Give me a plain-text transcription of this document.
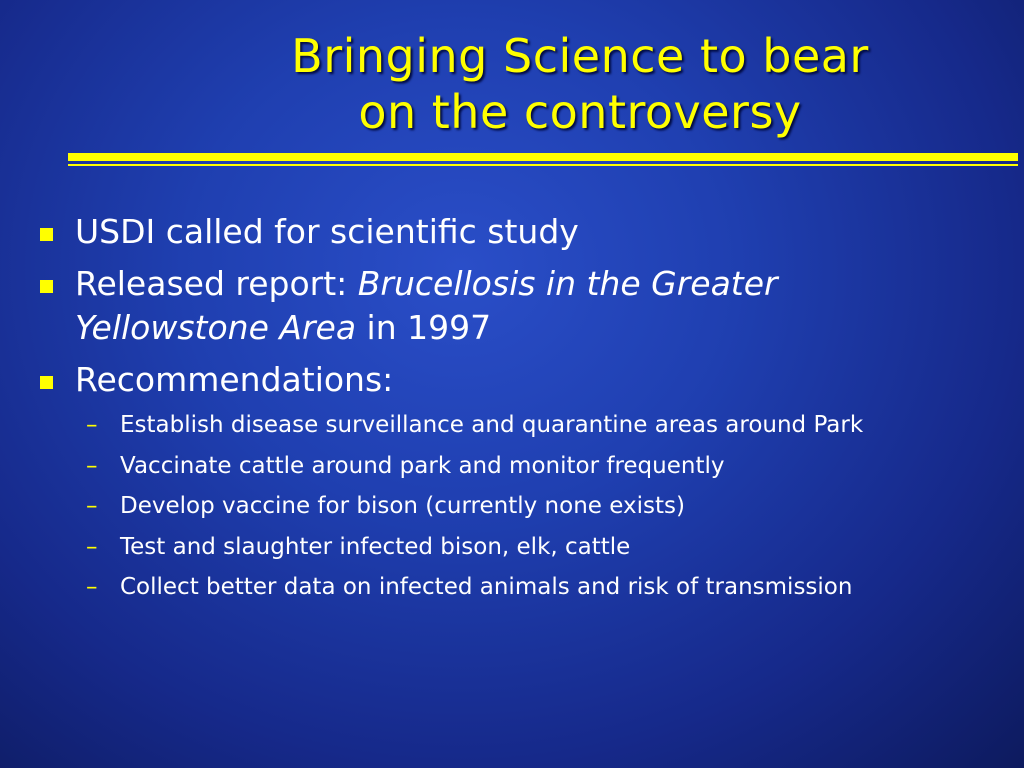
Bringing Science to bear
on the controversy
USDI called for scientific study
Released report: Brucellosis in the Greater
Yellowstone Area in 1997
Recommendations:
– Establish disease surveillance and quarantine areas around Park
– Vaccinate cattle around park and monitor frequently
– Develop vaccine for bison (currently none exists)
– Test and slaughter infected bison, elk, cattle
– Collect better data on infected animals and risk of transmission
